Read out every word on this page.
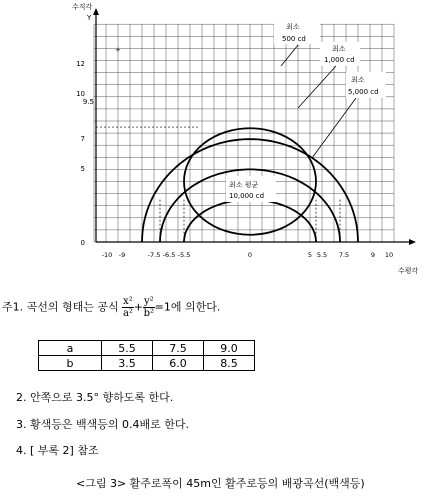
수직각
Y
수평각
12
10
9.5
7
5
0
-10 -9	-7.5 -6.5 -5.5	0	5 5.5 7.5	9 10
최소
500 cd
최소
1,000 cd
최소
5,000 cd
최소 평균
10,000 cd
+
주1. 곡선의 형태는 공식 $\frac{\text{x²}}{\text{a²}} + \frac{\text{y²}}{\text{b²}} =1$에 의한다.
a	5.5	7.5	9.0
b	3.5	6.0	8.5
2. 안쪽으로 3.5° 향하도록 한다.
3. 황색등은 백색등의 0.4배로 한다.
4. [ 부록 2] 참조
<그림 3> 활주로폭이 45m인 활주로등의 배광곡선(백색등)
